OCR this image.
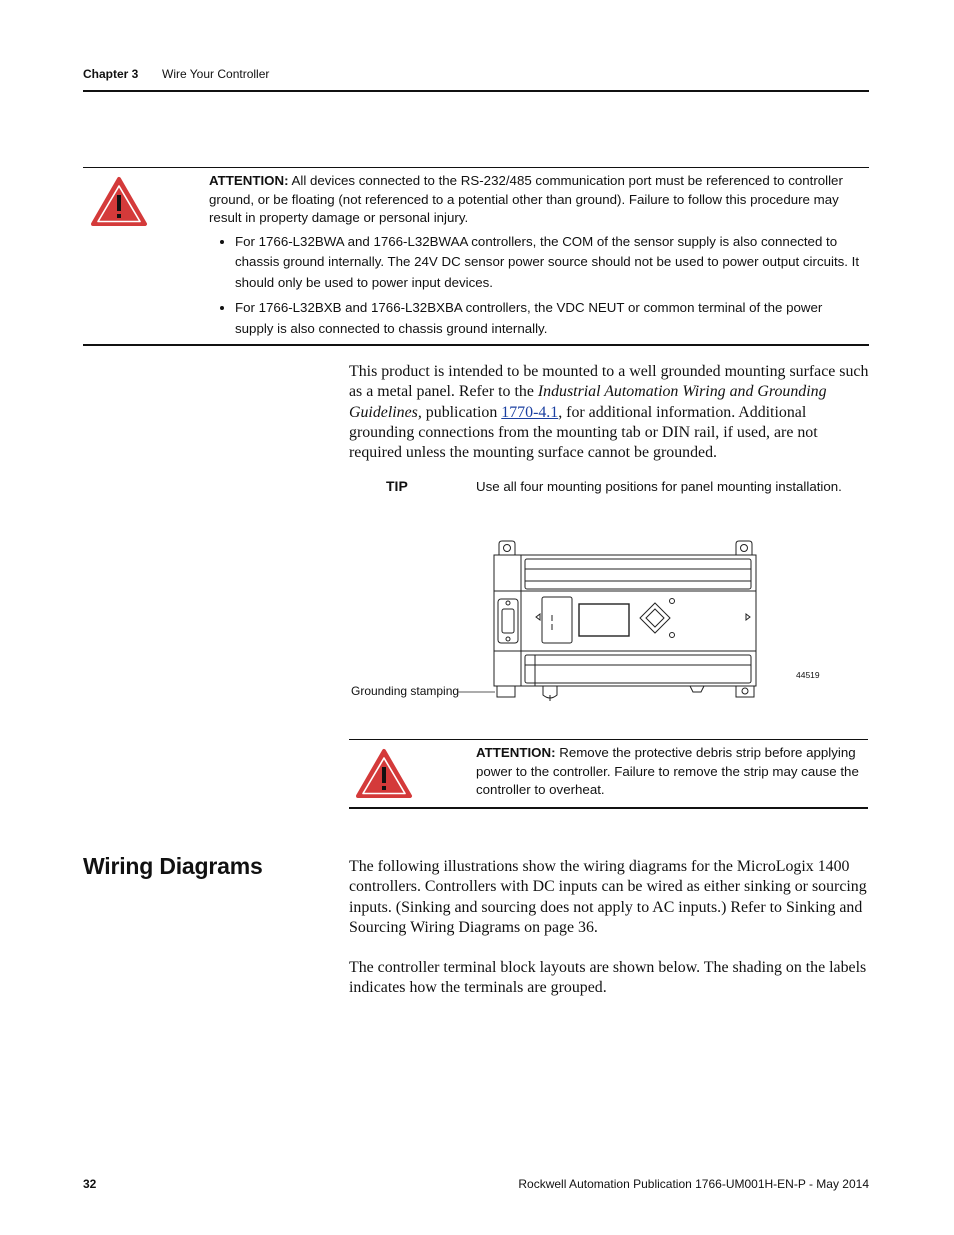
Chapter 3 Wire Your Controller
ATTENTION: All devices connected to the RS-232/485 communication port must be referenced to controller ground, or be floating (not referenced to a potential other than ground). Failure to follow this procedure may result in property damage or personal injury.
• For 1766-L32BWA and 1766-L32BWAA controllers, the COM of the sensor supply is also connected to chassis ground internally. The 24V DC sensor power source should not be used to power output circuits. It should only be used to power input devices.
• For 1766-L32BXB and 1766-L32BXBA controllers, the VDC NEUT or common terminal of the power supply is also connected to chassis ground internally.
This product is intended to be mounted to a well grounded mounting surface such as a metal panel. Refer to the Industrial Automation Wiring and Grounding Guidelines, publication 1770-4.1, for additional information. Additional grounding connections from the mounting tab or DIN rail, if used, are not required unless the mounting surface cannot be grounded.
TIP	Use all four mounting positions for panel mounting installation.
Grounding stamping
44519
ATTENTION: Remove the protective debris strip before applying power to the controller. Failure to remove the strip may cause the controller to overheat.
Wiring Diagrams	The following illustrations show the wiring diagrams for the MicroLogix 1400 controllers. Controllers with DC inputs can be wired as either sinking or sourcing inputs. (Sinking and sourcing does not apply to AC inputs.) Refer to Sinking and Sourcing Wiring Diagrams on page 36.
The controller terminal block layouts are shown below. The shading on the labels indicates how the terminals are grouped.
32	Rockwell Automation Publication 1766-UM001H-EN-P - May 2014
